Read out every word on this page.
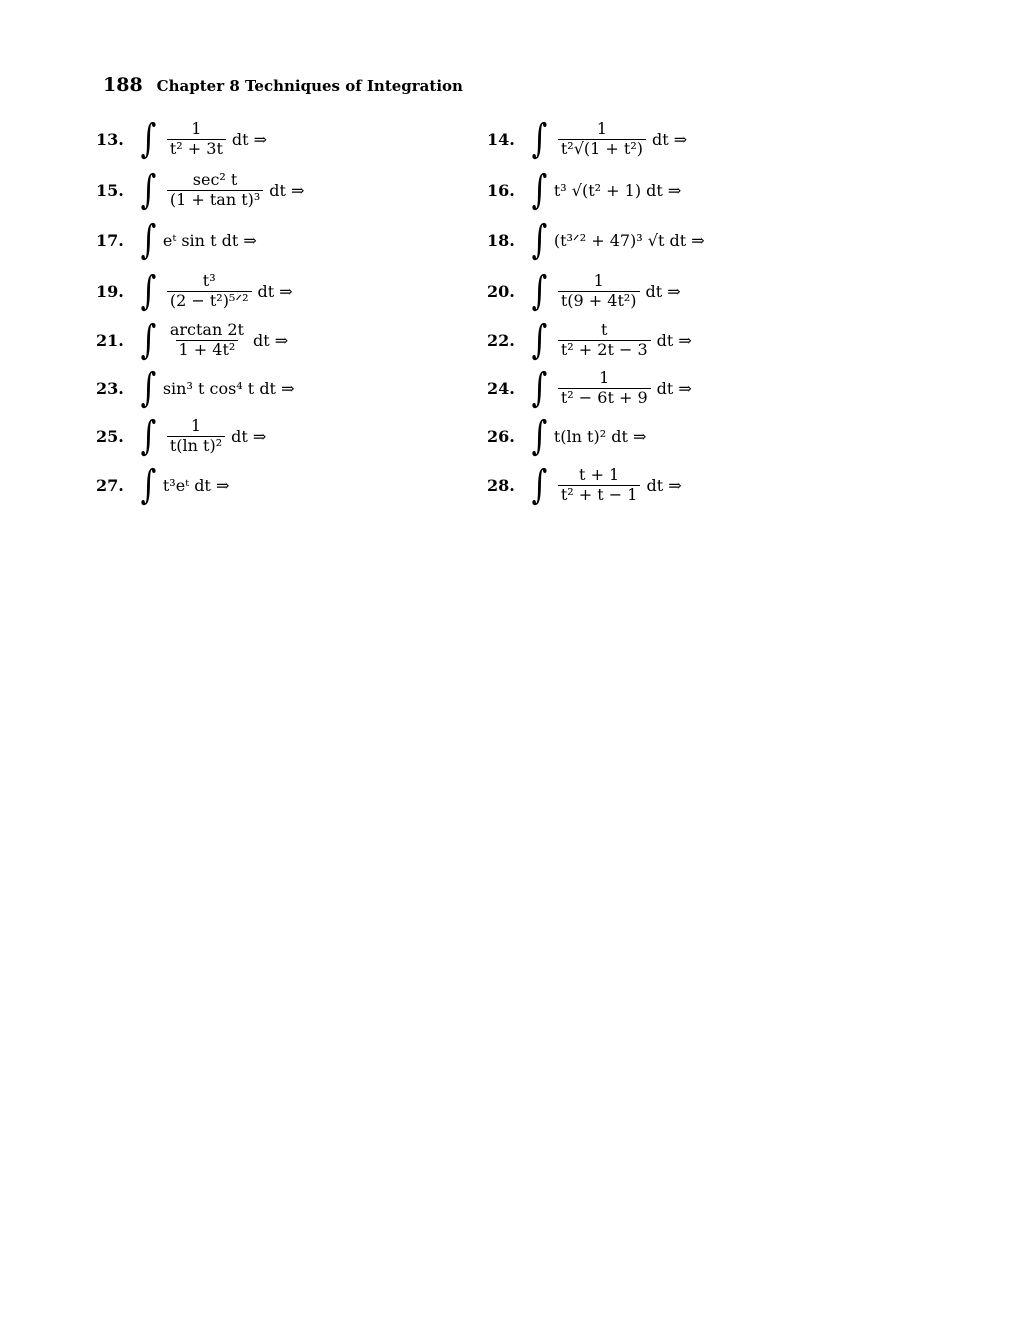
188 Chapter 8 Techniques of Integration
13. ∫ $\frac{1}{\text{t² + 3t}}$ dt ⇒	14. ∫ $\frac{1}{\text{t²√(1 + t²)}}$ dt ⇒
15. ∫ $\frac{\text{sec² t}}{\text{(1 + tan t)³}}$ dt ⇒	16. ∫ t³ √(t² + 1) dt ⇒
17. ∫ eᵗ sin t dt ⇒	18. ∫ (t³ᐟ² + 47)³ √t dt ⇒
19. ∫ $\frac{\text{t³}}{\text{(2 − t²)⁵ᐟ²}}$ dt ⇒	20. ∫ $\frac{1}{\text{t(9 + 4t²)}}$ dt ⇒
21. ∫ $\frac{\arctan 2t}{\text{1 + 4t²}}$ dt ⇒	22. ∫ $\frac{t}{\text{t² + 2t − 3}}$ dt ⇒
23. ∫ sin³ t cos⁴ t dt ⇒	24. ∫ $\frac{1}{\text{t² − 6t + 9}}$ dt ⇒
25. ∫ $\frac{1}{\text{t(ln t)²}}$ dt ⇒	26. ∫ t(ln t)² dt ⇒
27. ∫ t³eᵗ dt ⇒	28. ∫ $\frac{t + 1}{\text{t² + t − 1}}$ dt ⇒
